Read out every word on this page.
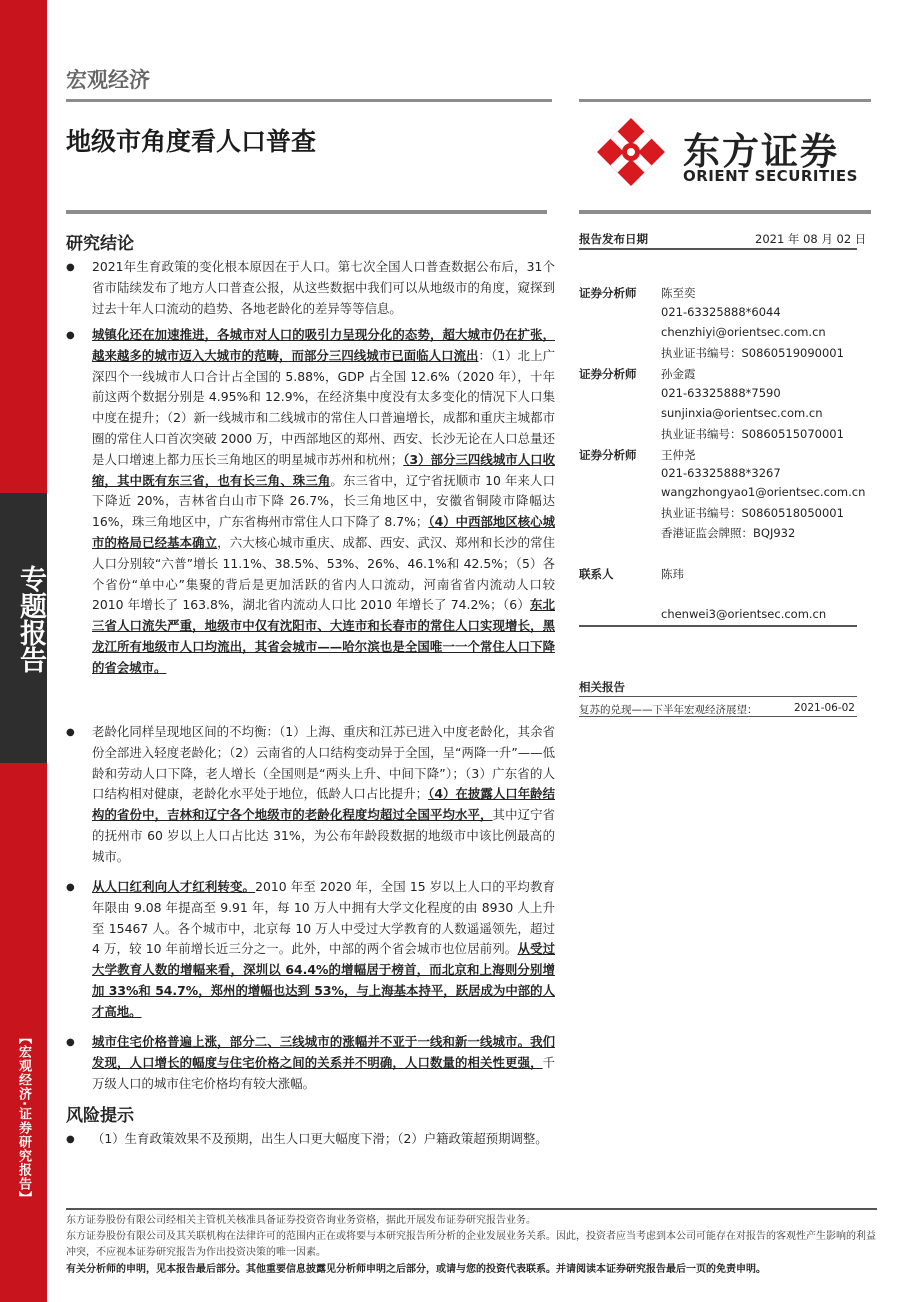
专题报告
【宏观经济·证券研究报告】
宏观经济
地级市角度看人口普查	东方证券
ORIENT SECURITIES
研究结论
● 2021年生育政策的变化根本原因在于人口。第七次全国人口普查数据公布后，31个省市陆续发布了地方人口普查公报，从这些数据中我们可以从地级市的角度，窥探到过去十年人口流动的趋势、各地老龄化的差异等等信息。
● 城镇化还在加速推进，各城市对人口的吸引力呈现分化的态势，超大城市仍在扩张，越来越多的城市迈入大城市的范畴，而部分三四线城市已面临人口流出：（1）北上广深四个一线城市人口合计占全国的 5.88%，GDP 占全国 12.6%（2020 年），十年前这两个数据分别是 4.95%和 12.9%，在经济集中度没有太多变化的情况下人口集中度在提升；（2）新一线城市和二线城市的常住人口普遍增长，成都和重庆主城都市圈的常住人口首次突破 2000 万，中西部地区的郑州、西安、长沙无论在人口总量还是人口增速上都力压长三角地区的明星城市苏州和杭州；（3）部分三四线城市人口收缩，其中既有东三省，也有长三角、珠三角。东三省中，辽宁省抚顺市 10 年来人口下降近 20%，吉林省白山市下降 26.7%，长三角地区中，安徽省铜陵市降幅达 16%，珠三角地区中，广东省梅州市常住人口下降了 8.7%；（4）中西部地区核心城市的格局已经基本确立，六大核心城市重庆、成都、西安、武汉、郑州和长沙的常住人口分别较“六普”增长 11.1%、38.5%、53%、26%、46.1%和 42.5%；（5）各个省份“单中心”集聚的背后是更加活跃的省内人口流动，河南省省内流动人口较 2010 年增长了 163.8%，湖北省内流动人口比 2010 年增长了 74.2%；（6）东北三省人口流失严重，地级市中仅有沈阳市、大连市和长春市的常住人口实现增长，黑龙江所有地级市人口均流出，其省会城市——哈尔滨也是全国唯一一个常住人口下降的省会城市。
● 老龄化同样呈现地区间的不均衡：（1）上海、重庆和江苏已进入中度老龄化，其余省份全部进入轻度老龄化；（2）云南省的人口结构变动异于全国，呈“两降一升”——低龄和劳动人口下降，老人增长（全国则是“两头上升、中间下降”）；（3）广东省的人口结构相对健康，老龄化水平处于地位，低龄人口占比提升；（4）在披露人口年龄结构的省份中，吉林和辽宁各个地级市的老龄化程度均超过全国平均水平，其中辽宁省的抚州市 60 岁以上人口占比达 31%，为公布年龄段数据的地级市中该比例最高的城市。
● 从人口红利向人才红利转变。2010 年至 2020 年，全国 15 岁以上人口的平均教育年限由 9.08 年提高至 9.91 年，每 10 万人中拥有大学文化程度的由 8930 人上升至 15467 人。各个城市中，北京每 10 万人中受过大学教育的人数遥遥领先，超过 4 万，较 10 年前增长近三分之一。此外，中部的两个省会城市也位居前列。从受过大学教育人数的增幅来看，深圳以 64.4%的增幅居于榜首，而北京和上海则分别增加 33%和 54.7%，郑州的增幅也达到 53%，与上海基本持平，跃居成为中部的人才高地。
● 城市住宅价格普遍上涨，部分二、三线城市的涨幅并不亚于一线和新一线城市。我们发现，人口增长的幅度与住宅价格之间的关系并不明确，人口数量的相关性更强，千万级人口的城市住宅价格均有较大涨幅。
风险提示
● （1）生育政策效果不及预期，出生人口更大幅度下滑；（2）户籍政策超预期调整。
报告发布日期	2021 年 08 月 02 日
证券分析师 陈至奕
021-63325888*6044
chenzhiyi@orientsec.com.cn
执业证书编号：S0860519090001
证券分析师 孙金霞
021-63325888*7590
sunjinxia@orientsec.com.cn
执业证书编号：S0860515070001
证券分析师 王仲尧
021-63325888*3267
wangzhongyao1@orientsec.com.cn
执业证书编号：S0860518050001
香港证监会牌照：BQJ932
联系人	陈玮
chenwei3@orientsec.com.cn
相关报告
复苏的兑现——下半年宏观经济展望：	2021-06-02
东方证券股份有限公司经相关主管机关核准具备证券投资咨询业务资格，据此开展发布证券研究报告业务。
东方证券股份有限公司及其关联机构在法律许可的范围内正在或将要与本研究报告所分析的企业发展业务关系。因此，投资者应当考虑到本公司可能存在对报告的客观性产生影响的利益冲突，不应视本证券研究报告为作出投资决策的唯一因素。
有关分析师的申明，见本报告最后部分。其他重要信息披露见分析师申明之后部分，或请与您的投资代表联系。并请阅读本证券研究报告最后一页的免责申明。
